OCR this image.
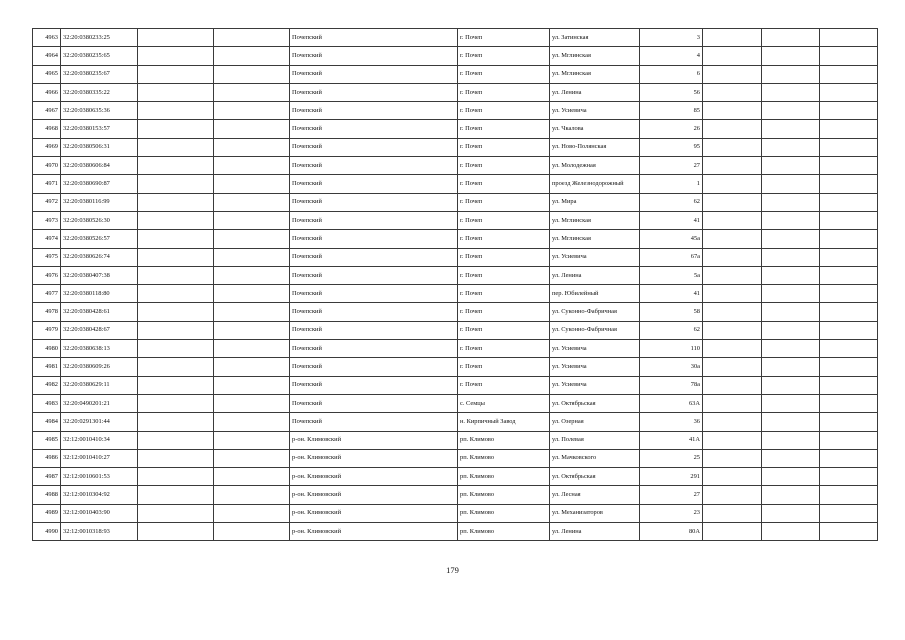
4963	32:20:0380233:25			Почепский	г. Почеп	ул. Затинская	3			
4964	32:20:0380235:65			Почепский	г. Почеп	ул. Мглинская	4			
4965	32:20:0380235:67			Почепский	г. Почеп	ул. Мглинская	6			
4966	32:20:0380335:22			Почепский	г. Почеп	ул. Ленина	56			
4967	32:20:0380635:36			Почепский	г. Почеп	ул. Усиевича	85			
4968	32:20:0380153:57			Почепский	г. Почеп	ул. Чкалова	26			
4969	32:20:0380506:31			Почепский	г. Почеп	ул. Ново-Полянская	95			
4970	32:20:0380606:84			Почепский	г. Почеп	ул. Молодежная	27			
4971	32:20:0380690:87			Почепский	г. Почеп	проезд Железнодорожный	1			
4972	32:20:0380116:99			Почепский	г. Почеп	ул. Мира	62			
4973	32:20:0380526:30			Почепский	г. Почеп	ул. Мглинская	41			
4974	32:20:0380526:57			Почепский	г. Почеп	ул. Мглинская	45а			
4975	32:20:0380626:74			Почепский	г. Почеп	ул. Усиевича	67а			
4976	32:20:0380407:38			Почепский	г. Почеп	ул. Ленина	5а			
4977	32:20:0380118:80			Почепский	г. Почеп	пер. Юбилейный	41			
4978	32:20:0380428:61			Почепский	г. Почеп	ул. Суконно-Фабричная	58			
4979	32:20:0380428:67			Почепский	г. Почеп	ул. Суконно-Фабричная	62			
4980	32:20:0380638:13			Почепский	г. Почеп	ул. Усиевича	110			
4981	32:20:0380609:26			Почепский	г. Почеп	ул. Усиевича	30а			
4982	32:20:0380629:11			Почепский	г. Почеп	ул. Усиевича	78а			
4983	32:20:0490201:21			Почепский	с. Семцы	ул. Октябрьская	63А			
4984	32:20:0291301:44			Почепский	н. Кирпичный Завод	ул. Озерная	36			
4985	32:12:0010410:34			р-он. Климовский	рп. Климово	ул. Полевая	41А			
4986	32:12:0010410:27			р-он. Климовский	рп. Климово	ул. Мачковского	25			
4987	32:12:0010601:53			р-он. Климовский	рп. Климово	ул. Октябрьская	291			
4988	32:12:0010304:92			р-он. Климовский	рп. Климово	ул. Лесная	27			
4989	32:12:0010403:90			р-он. Климовский	рп. Климово	ул. Механизаторов	23			
4990	32:12:0010318:93			р-он. Климовский	рп. Климово	ул. Ленина	80А			
179
